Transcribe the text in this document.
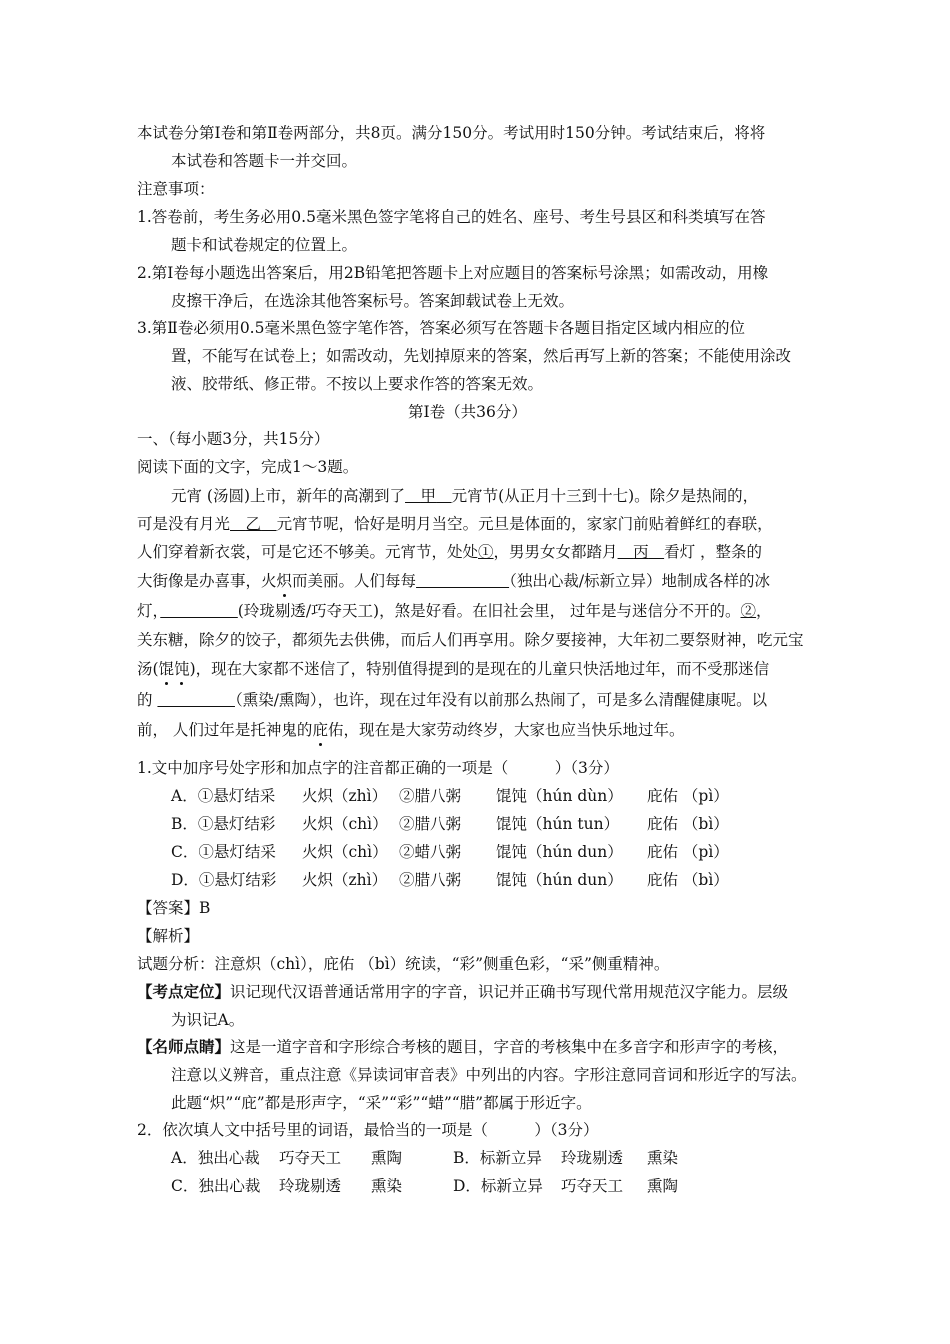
本试卷分第Ⅰ卷和第Ⅱ卷两部分，共8页。满分150分。考试用时150分钟。考试结束后，将将
本试卷和答题卡一并交回。
注意事项：
1.答卷前，考生务必用0.5毫米黑色签字笔将自己的姓名、座号、考生号县区和科类填写在答
题卡和试卷规定的位置上。
2.第Ⅰ卷每小题选出答案后，用2B铅笔把答题卡上对应题目的答案标号涂黑；如需改动，用橡
皮擦干净后，在选涂其他答案标号。答案卸载试卷上无效。
3.第Ⅱ卷必须用0.5毫米黑色签字笔作答，答案必须写在答题卡各题目指定区域内相应的位
置，不能写在试卷上；如需改动，先划掉原来的答案，然后再写上新的答案；不能使用涂改
液、胶带纸、修正带。不按以上要求作答的答案无效。
第Ⅰ卷（共36分）
一、（每小题3分，共15分）
阅读下面的文字，完成1～3题。
元宵 (汤圆)上市，新年的高潮到了　 甲　 元宵节(从正月十三到十七)。除夕是热闹的，
可是没有月光　 乙　 元宵节呢，恰好是明月当空。元旦是体面的，家家门前贴着鲜红的春联，
人们穿着新衣裳，可是它还不够美。元宵节，处处①，男男女女都踏月　 丙　 看灯 ，整条的
大街像是办喜事，火炽而美丽。人们每每　　　　　　	（独出心裁/标新立异）地制成各样的冰
灯，　　　　　	(玲珑剔透/巧夺天工)，煞是好看。在旧社会里， 过年是与迷信分不开的。②，
关东糖，除夕的饺子，都须先去供佛，而后人们再享用。除夕要接神，大年初二要祭财神，吃元宝
汤(馄饨)，现在大家都不迷信了，特别值得提到的是现在的儿童只快活地过年，而不受那迷信
的 　　　　　	（熏染/熏陶），也许，现在过年没有以前那么热闹了，可是多么清醒健康呢。以
前， 人们过年是托神鬼的庇佑，现在是大家劳动终岁，大家也应当快乐地过年。
1.文中加序号处字形和加点字的注音都正确的一项是（　　　）（3分）
A．①悬灯结采 火炽（zhì） ②腊八粥 馄饨（hún dùn） 庇佑 （pì）
B．①悬灯结彩 火炽（chì） ②腊八粥 馄饨（hún tun） 庇佑 （bì）
C．①悬灯结采 火炽（chì） ②蜡八粥 馄饨（hún dun） 庇佑 （pì）
D．①悬灯结彩 火炽（zhì） ②腊八粥 馄饨（hún dun） 庇佑 （bì）
【答案】B
【解析】
试题分析：注意炽（chì），庇佑 （bì）统读，“彩”侧重色彩，“采”侧重精神。
【考点定位】识记现代汉语普通话常用字的字音，识记并正确书写现代常用规范汉字能力。层级
为识记A。
【名师点睛】这是一道字音和字形综合考核的题目，字音的考核集中在多音字和形声字的考核，
注意以义辨音，重点注意《异读词审音表》中列出的内容。字形注意同音词和形近字的写法。
此题“炽”“庇”都是形声字，“采”“彩”“蜡”“腊”都属于形近字。
2．依次填人文中括号里的词语，最恰当的一项是（　　　）（3分）
A．独出心裁 巧夺天工 熏陶	B．标新立异 玲珑剔透 熏染
C．独出心裁 玲珑剔透 熏染	D．标新立异 巧夺天工 熏陶
